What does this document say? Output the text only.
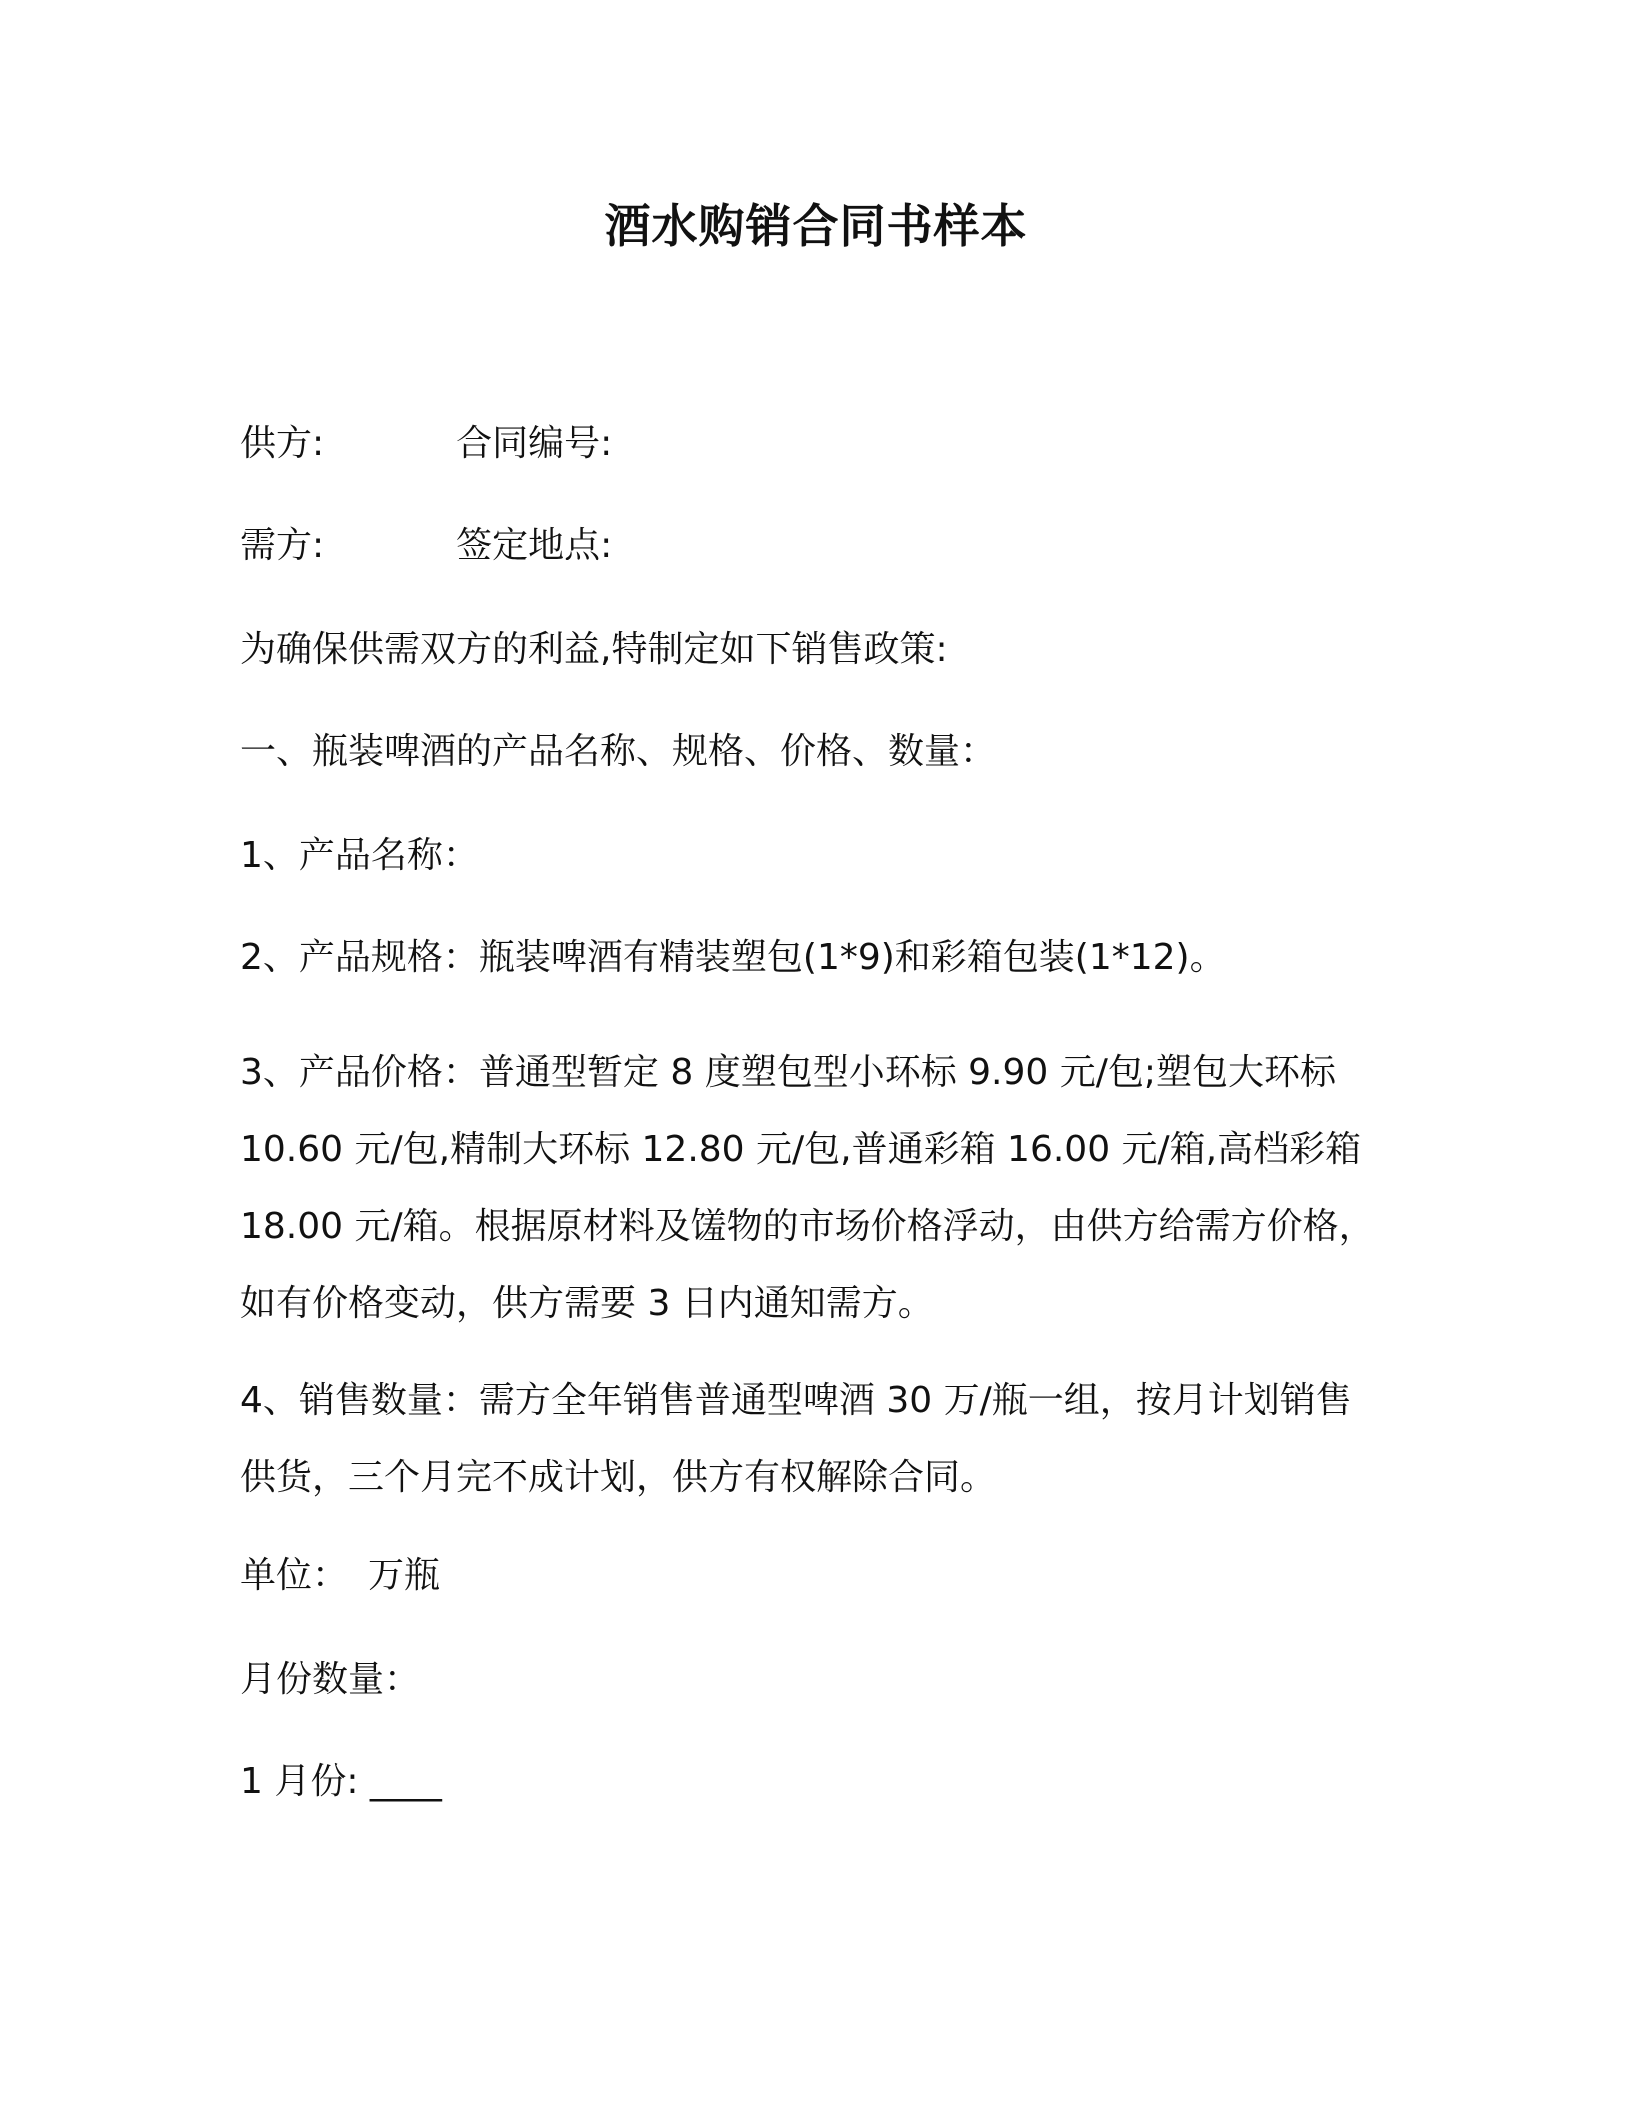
酒水购销合同书样本
供方:	合同编号:
需方:	签定地点:
为确保供需双方的利益,特制定如下销售政策:
一、瓶装啤酒的产品名称、规格、价格、数量：
1、产品名称：
2、产品规格：瓶装啤酒有精装塑包(1*9)和彩箱包装(1*12)。
3、产品价格：普通型暂定 8 度塑包型小环标 9.90 元/包;塑包大环标
10.60 元/包,精制大环标 12.80 元/包,普通彩箱 16.00 元/箱,高档彩箱
18.00 元/箱。根据原材料及馐物的市场价格浮动，由供方给需方价格，
如有价格变动，供方需要 3 日内通知需方。
4、销售数量：需方全年销售普通型啤酒 30 万/瓶一组，按月计划销售
供货，三个月完不成计划，供方有权解除合同。
单位： 万瓶
月份数量：
1 月份: ____
